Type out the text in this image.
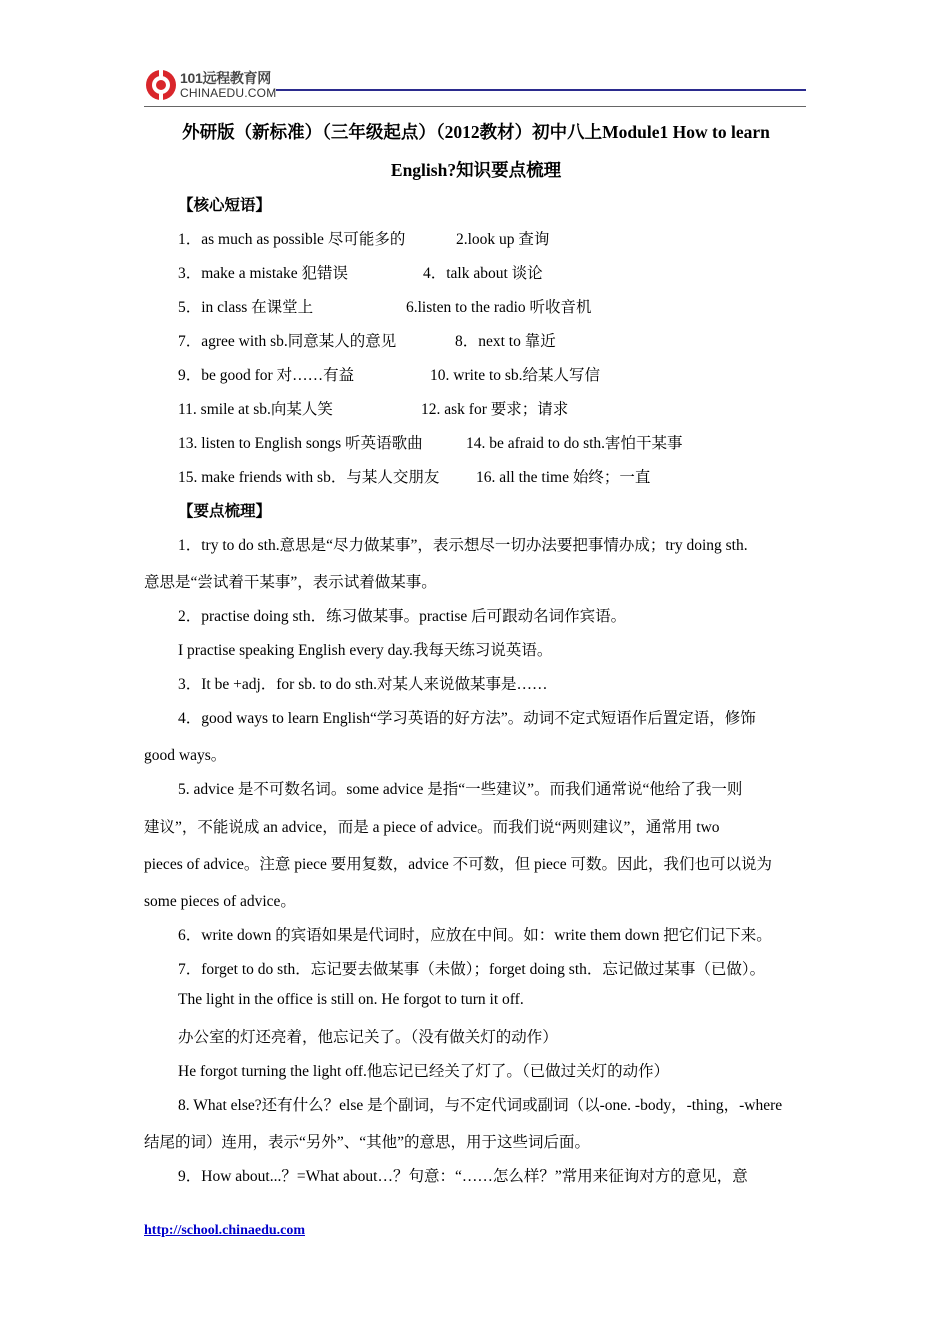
101远程教育网
CHINAEDU.COM
外研版（新标准）（三年级起点）（2012教材）初中八上Module1 How to learn
English?知识要点梳理
【核心短语】
1．as much as possible 尽可能多的	2.look up 查询
3．make a mistake 犯错误	4．talk about 谈论
5．in class 在课堂上	6.listen to the radio 听收音机
7．agree with sb.同意某人的意见	8．next to 靠近
9．be good for 对……有益	10. write to sb.给某人写信
11. smile at sb.向某人笑	12. ask for 要求；请求
13. listen to English songs 听英语歌曲	14. be afraid to do sth.害怕干某事
15. make friends with sb．与某人交朋友 16. all the time 始终；一直
【要点梳理】
1．try to do sth.意思是“尽力做某事”，表示想尽一切办法要把事情办成；try doing sth.
意思是“尝试着干某事”，表示试着做某事。
2．practise doing sth．练习做某事。practise 后可跟动名词作宾语。
I practise speaking English every day.我每天练习说英语。
3．It be +adj．for sb. to do sth.对某人来说做某事是……
4．good ways to learn English“学习英语的好方法”。动词不定式短语作后置定语，修饰
good ways。
5. advice 是不可数名词。some advice 是指“一些建议”。而我们通常说“他给了我一则
建议”，不能说成 an advice，而是 a piece of advice。而我们说“两则建议”，通常用 two
pieces of advice。注意 piece 要用复数，advice 不可数，但 piece 可数。因此，我们也可以说为
some pieces of advice。
6．write down 的宾语如果是代词时，应放在中间。如：write them down 把它们记下来。
7．forget to do sth．忘记要去做某事（未做）；forget doing sth．忘记做过某事（已做）。
The light in the office is still on. He forgot to turn it off.
办公室的灯还亮着，他忘记关了。（没有做关灯的动作）
He forgot turning the light off.他忘记已经关了灯了。（已做过关灯的动作）
8. What else?还有什么？else 是个副词，与不定代词或副词（以-one. -body，-thing，-where
结尾的词）连用，表示“另外”、“其他”的意思，用于这些词后面。
9．How about...？=What about…？句意：“……怎么样？”常用来征询对方的意见，意
http://school.chinaedu.com
